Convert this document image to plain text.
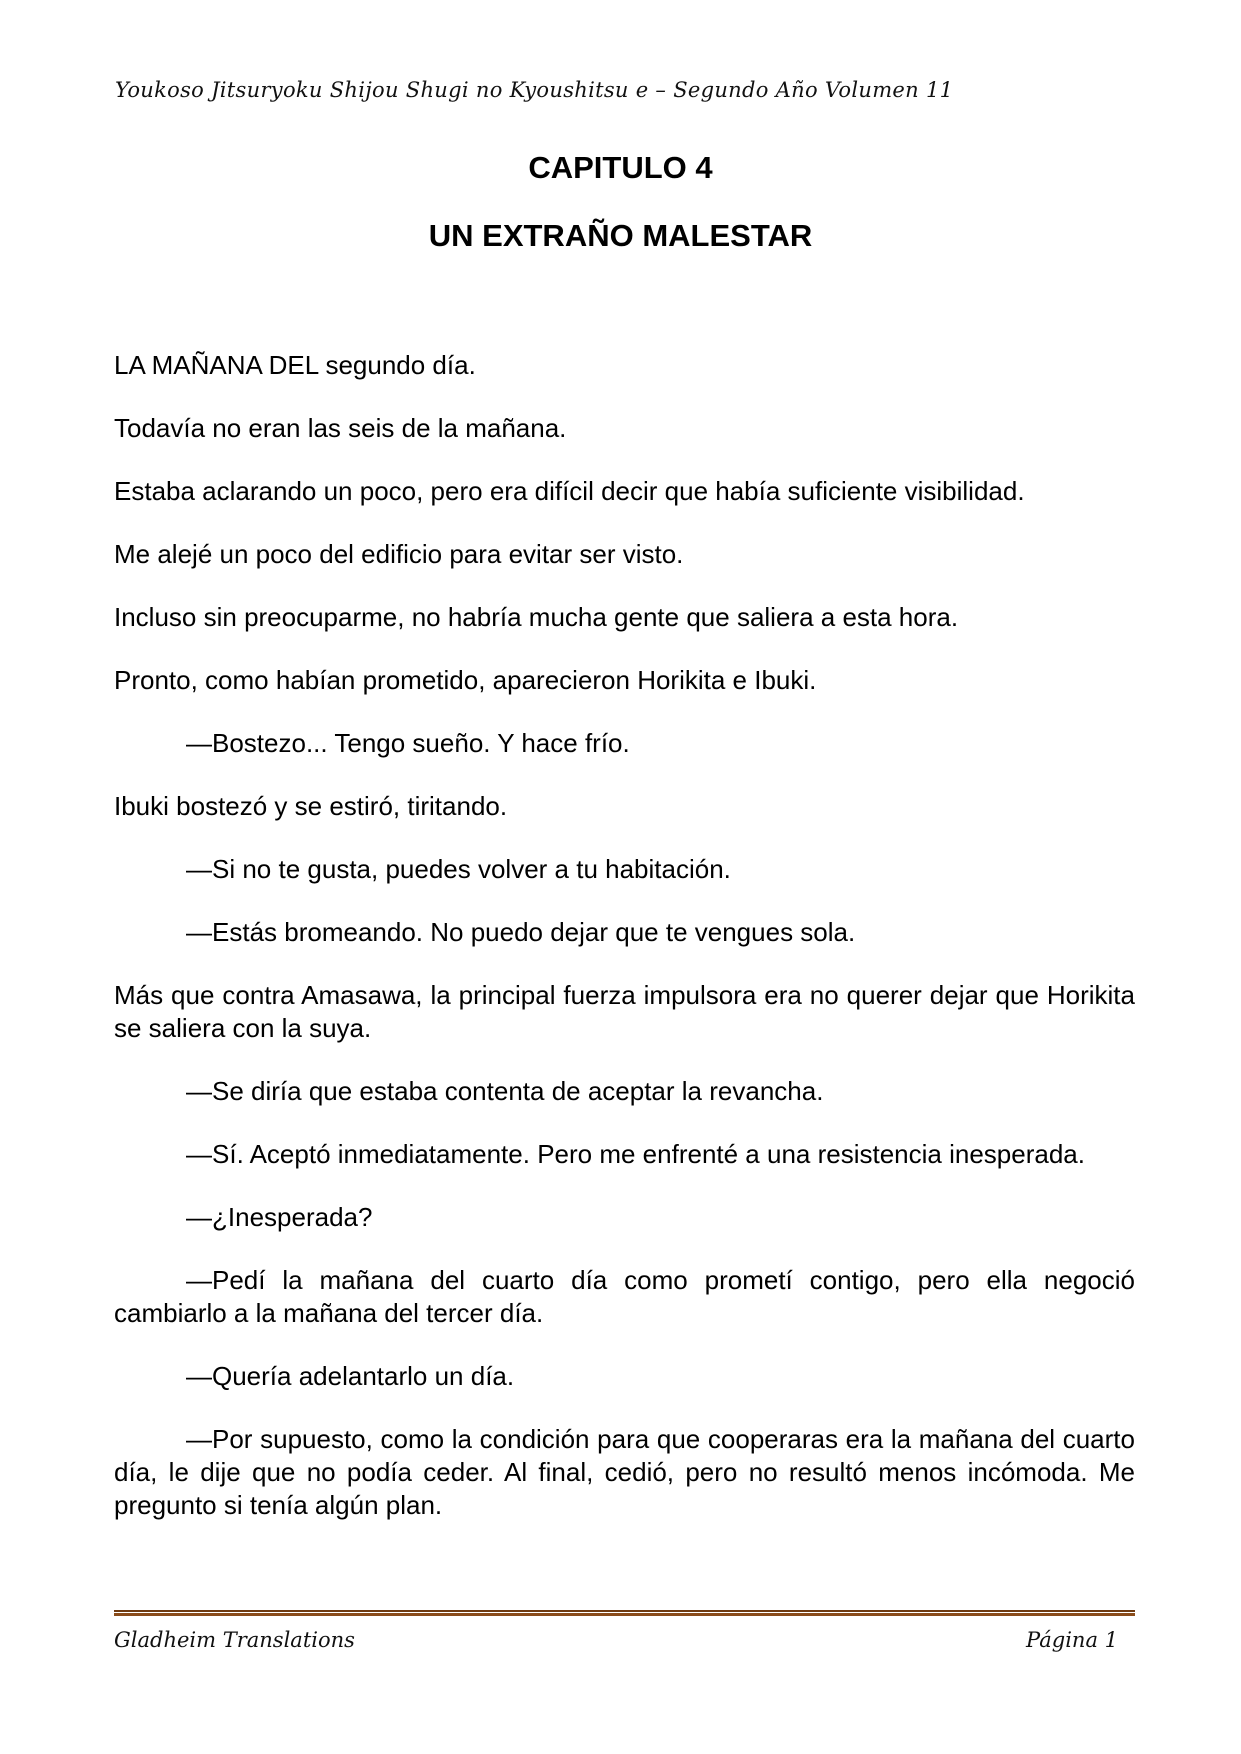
Youkoso Jitsuryoku Shijou Shugi no Kyoushitsu e – Segundo Año Volumen 11
CAPITULO 4
UN EXTRAÑO MALESTAR

LA MAÑANA DEL segundo día.

Todavía no eran las seis de la mañana.

Estaba aclarando un poco, pero era difícil decir que había suficiente visibilidad.

Me alejé un poco del edificio para evitar ser visto.

Incluso sin preocuparme, no habría mucha gente que saliera a esta hora.

Pronto, como habían prometido, aparecieron Horikita e Ibuki.

—Bostezo... Tengo sueño. Y hace frío.

Ibuki bostezó y se estiró, tiritando.

—Si no te gusta, puedes volver a tu habitación.

—Estás bromeando. No puedo dejar que te vengues sola.

Más que contra Amasawa, la principal fuerza impulsora era no querer dejar que Horikita se saliera con la suya.

—Se diría que estaba contenta de aceptar la revancha.

—Sí. Aceptó inmediatamente. Pero me enfrenté a una resistencia inesperada.

—¿Inesperada?

—Pedí la mañana del cuarto día como prometí contigo, pero ella negoció cambiarlo a la mañana del tercer día.

—Quería adelantarlo un día.

—Por supuesto, como la condición para que cooperaras era la mañana del cuarto día, le dije que no podía ceder. Al final, cedió, pero no resultó menos incómoda. Me pregunto si tenía algún plan.

Gladheim Translations	Página 1
